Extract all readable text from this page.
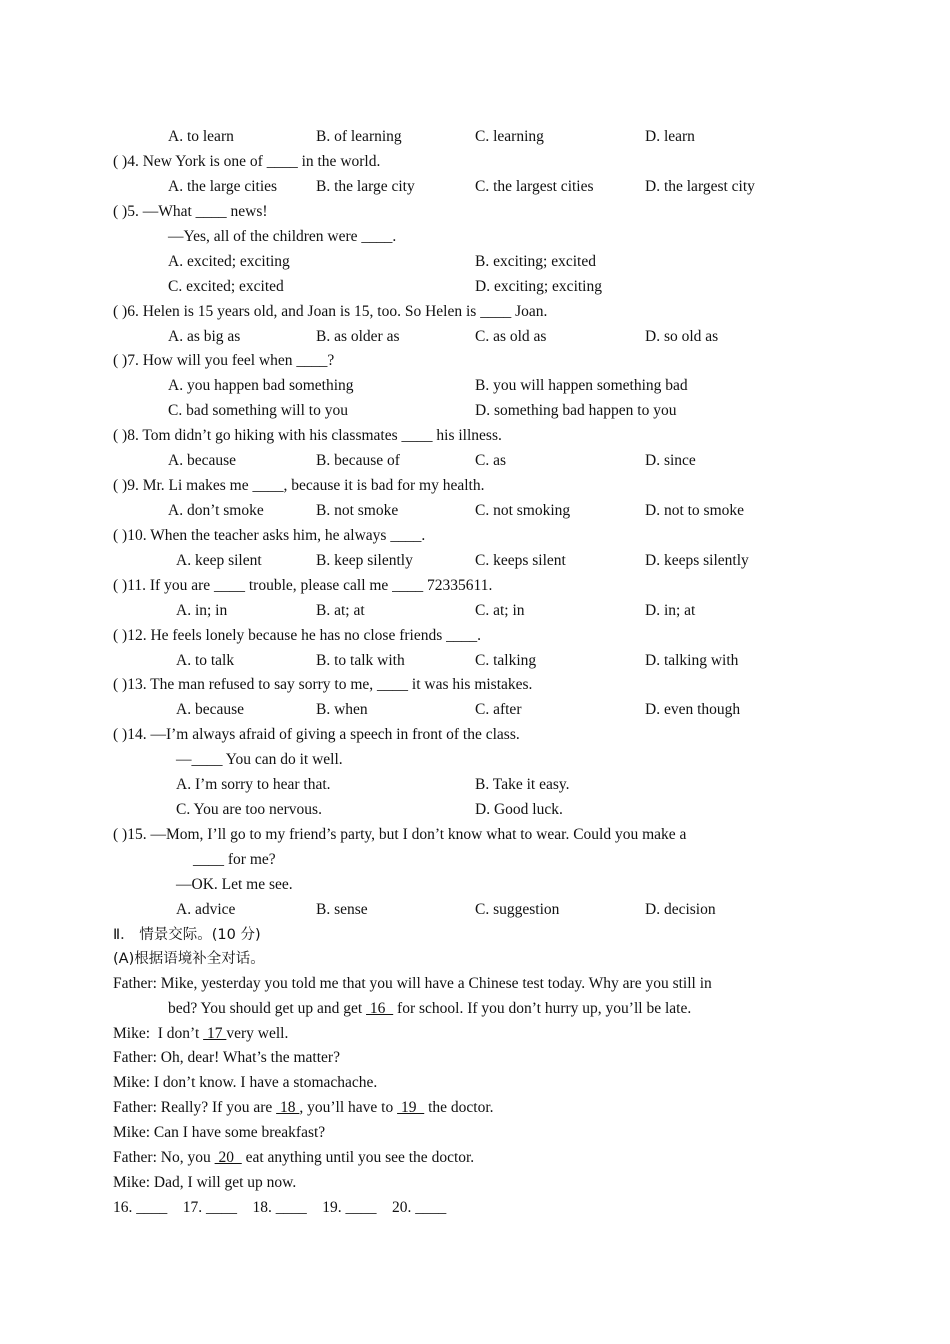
A. to learn	B. of learning	C. learning	D. learn
( )4. New York is one of ____ in the world.
A. the large cities	B. the large city	C. the largest cities	D. the largest city
( )5. —What ____ news!
—Yes, all of the children were ____.
A. excited; exciting	B. exciting; excited
C. excited; excited	D. exciting; exciting
( )6. Helen is 15 years old, and Joan is 15, too. So Helen is ____ Joan.
A. as big as	B. as older as	C. as old as	D. so old as
( )7. How will you feel when ____?
A. you happen bad something	B. you will happen something bad
C. bad something will to you	D. something bad happen to you
( )8. Tom didn’t go hiking with his classmates ____ his illness.
A. because	B. because of	C. as	D. since
( )9. Mr. Li makes me ____, because it is bad for my health.
A. don’t smoke	B. not smoke	C. not smoking	D. not to smoke
( )10. When the teacher asks him, he always ____.
A. keep silent	B. keep silently	C. keeps silent	D. keeps silently
( )11. If you are ____ trouble, please call me ____ 72335611.
A. in; in	B. at; at	C. at; in	D. in; at
( )12. He feels lonely because he has no close friends ____.
A. to talk	B. to talk with	C. talking	D. talking with
( )13. The man refused to say sorry to me, ____ it was his mistakes.
A. because	B. when	C. after	D. even though
( )14. —I’m always afraid of giving a speech in front of the class.
—____ You can do it well.
A. I’m sorry to hear that.	B. Take it easy.
C. You are too nervous.	D. Good luck.
( )15. —Mom, I’ll go to my friend’s party, but I don’t know what to wear. Could you make a
____ for me?
—OK. Let me see.
A. advice	B. sense	C. suggestion	D. decision
Ⅱ． 情景交际。(10 分)
(A)根据语境补全对话。
Father: Mike, yesterday you told me that you will have a Chinese test today. Why are you still in
bed? You should get up and get  16   for school. If you don’t hurry up, you’ll be late.
Mike:  I don’t  17 very well.
Father: Oh, dear! What’s the matter?
Mike: I don’t know. I have a stomachache.
Father: Really? If you are  18 , you’ll have to  19   the doctor.
Mike: Can I have some breakfast?
Father: No, you  20   eat anything until you see the doctor.
Mike: Dad, I will get up now.
16. ____    17. ____    18. ____    19. ____    20. ____
